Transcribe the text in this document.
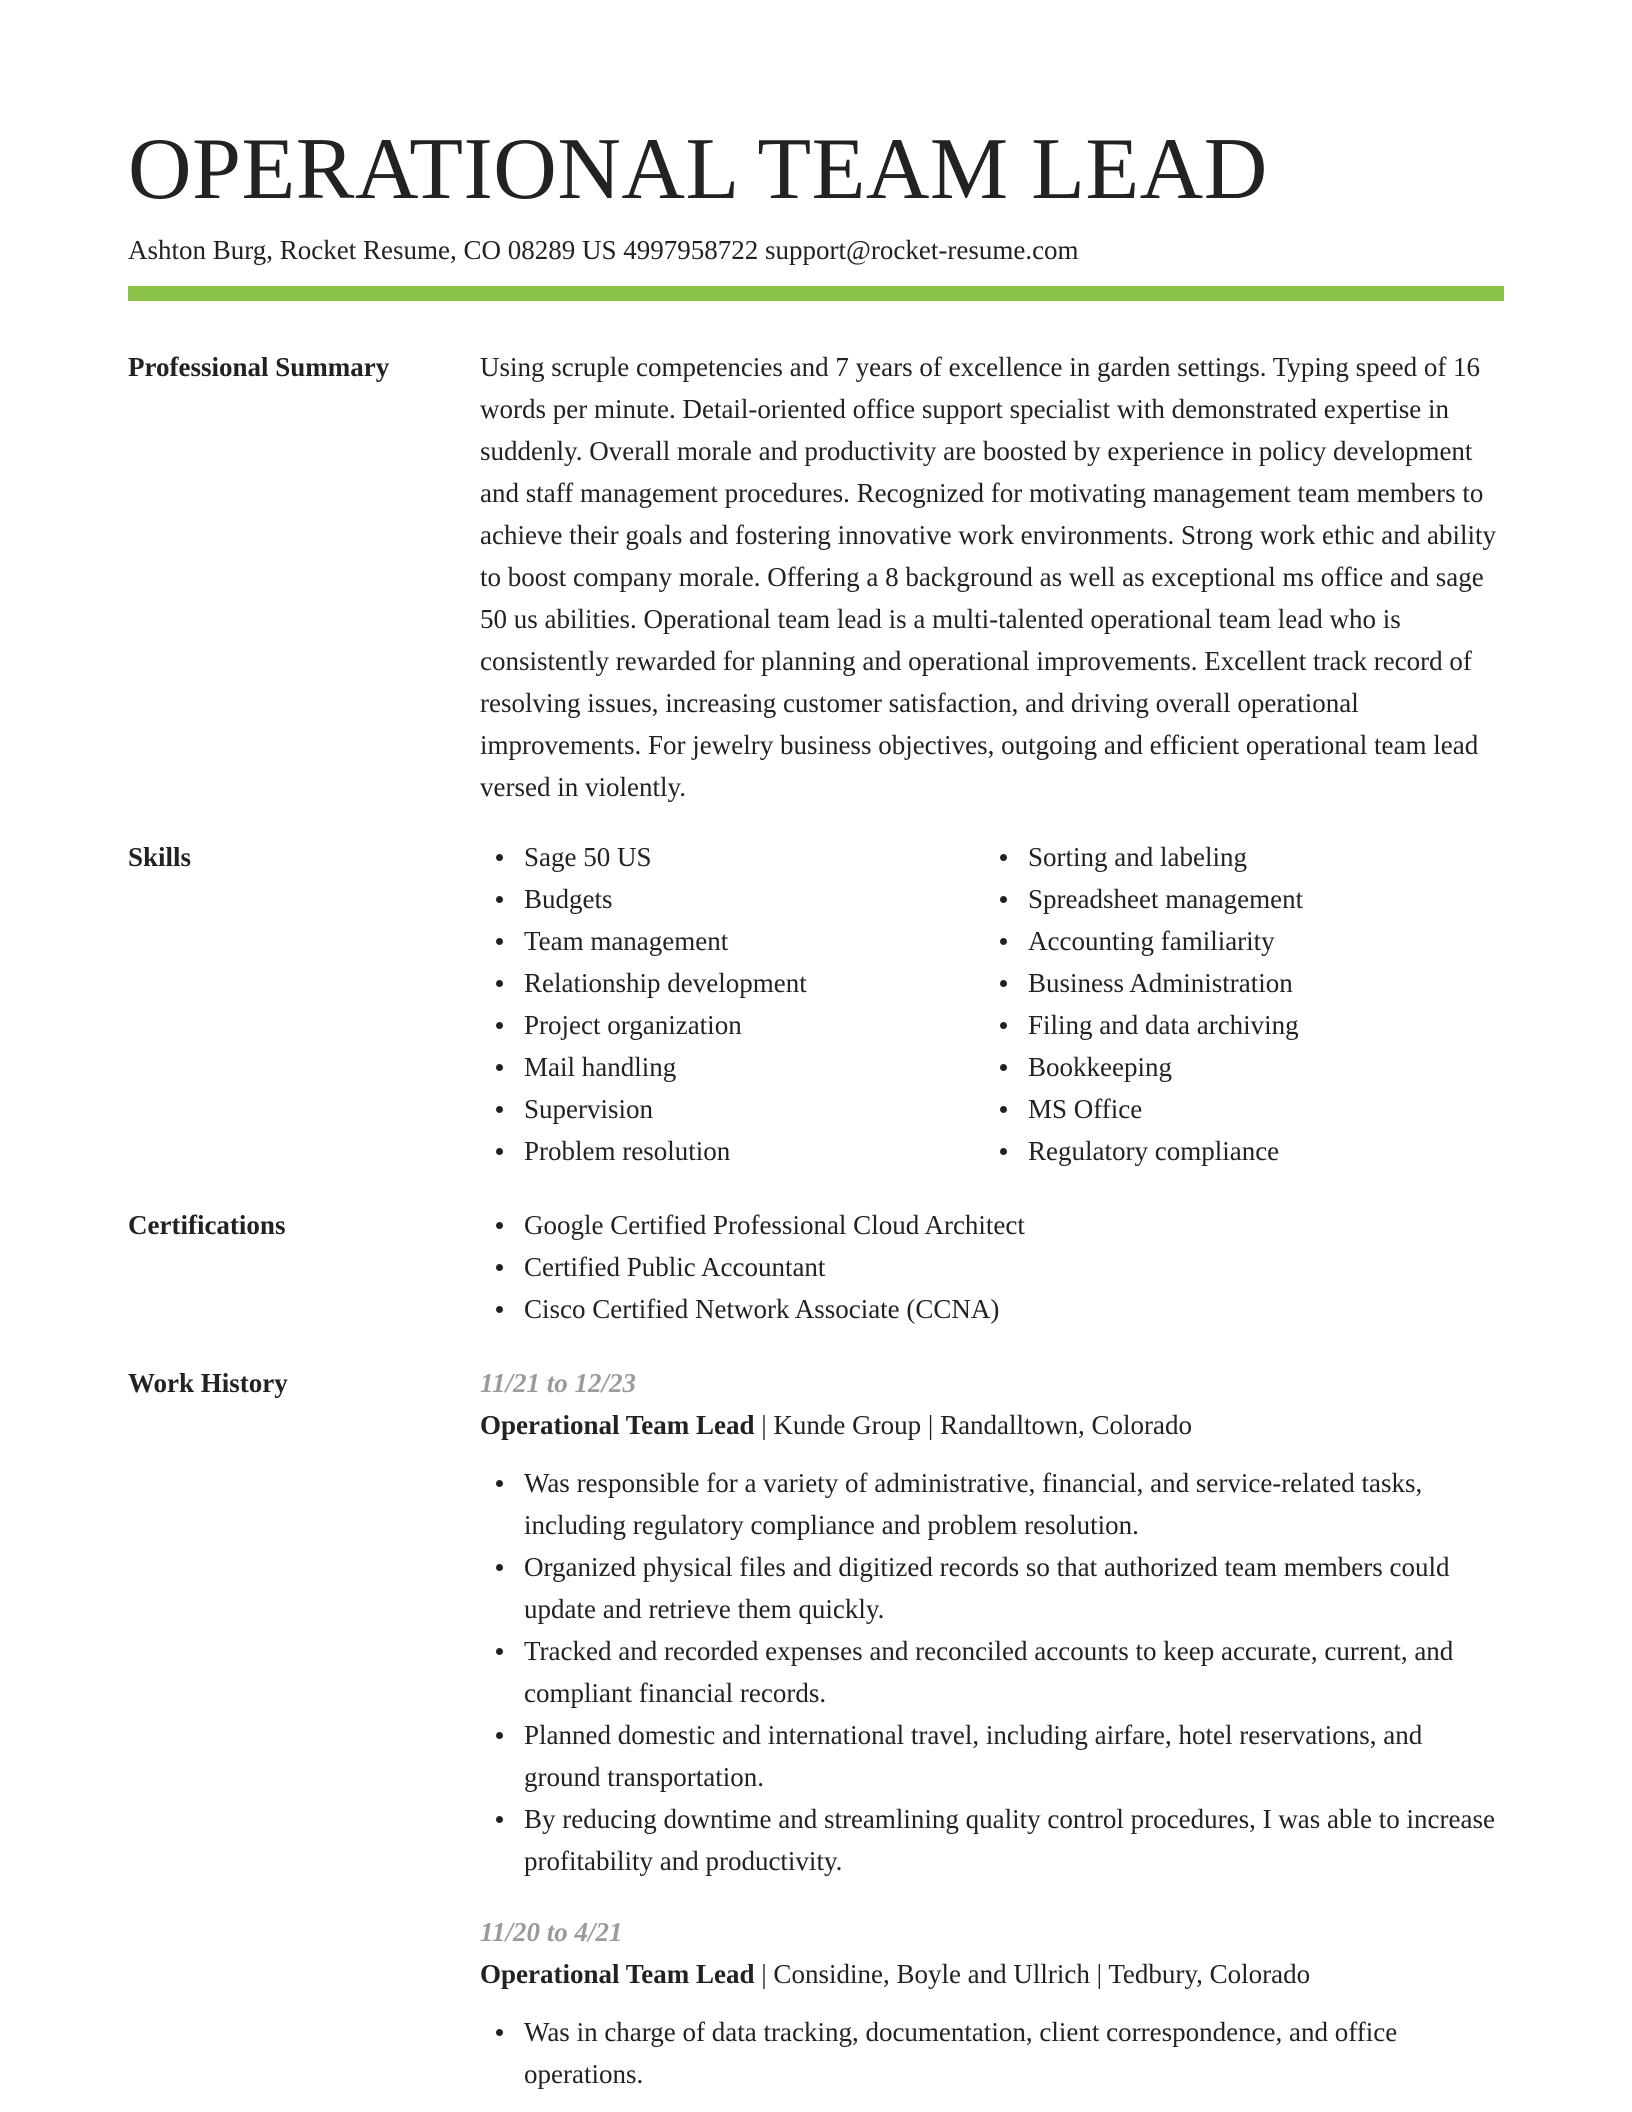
OPERATIONAL TEAM LEAD
Ashton Burg, Rocket Resume, CO 08289 US 4997958722 support@rocket-resume.com
Professional Summary	Using scruple competencies and 7 years of excellence in garden settings. Typing speed of 16 words per minute. Detail-oriented office support specialist with demonstrated expertise in suddenly. Overall morale and productivity are boosted by experience in policy development and staff management procedures. Recognized for motivating management team members to achieve their goals and fostering innovative work environments. Strong work ethic and ability to boost company morale. Offering a 8 background as well as exceptional ms office and sage 50 us abilities. Operational team lead is a multi-talented operational team lead who is consistently rewarded for planning and operational improvements. Excellent track record of resolving issues, increasing customer satisfaction, and driving overall operational improvements. For jewelry business objectives, outgoing and efficient operational team lead versed in violently.

Skills	Sage 50 US
Budgets
Team management
Relationship development
Project organization
Mail handling
Supervision
Problem resolution
Sorting and labeling
Spreadsheet management
Accounting familiarity
Business Administration
Filing and data archiving
Bookkeeping
MS Office
Regulatory compliance
Certifications	Google Certified Professional Cloud Architect
Certified Public Accountant
Cisco Certified Network Associate (CCNA)
Work History	11/21 to 12/23
Operational Team Lead | Kunde Group | Randalltown, Colorado
Was responsible for a variety of administrative, financial, and service-related tasks, including regulatory compliance and problem resolution.
Organized physical files and digitized records so that authorized team members could update and retrieve them quickly.
Tracked and recorded expenses and reconciled accounts to keep accurate, current, and compliant financial records.
Planned domestic and international travel, including airfare, hotel reservations, and ground transportation.
By reducing downtime and streamlining quality control procedures, I was able to increase profitability and productivity.
11/20 to 4/21
Operational Team Lead | Considine, Boyle and Ullrich | Tedbury, Colorado
Was in charge of data tracking, documentation, client correspondence, and office operations.
